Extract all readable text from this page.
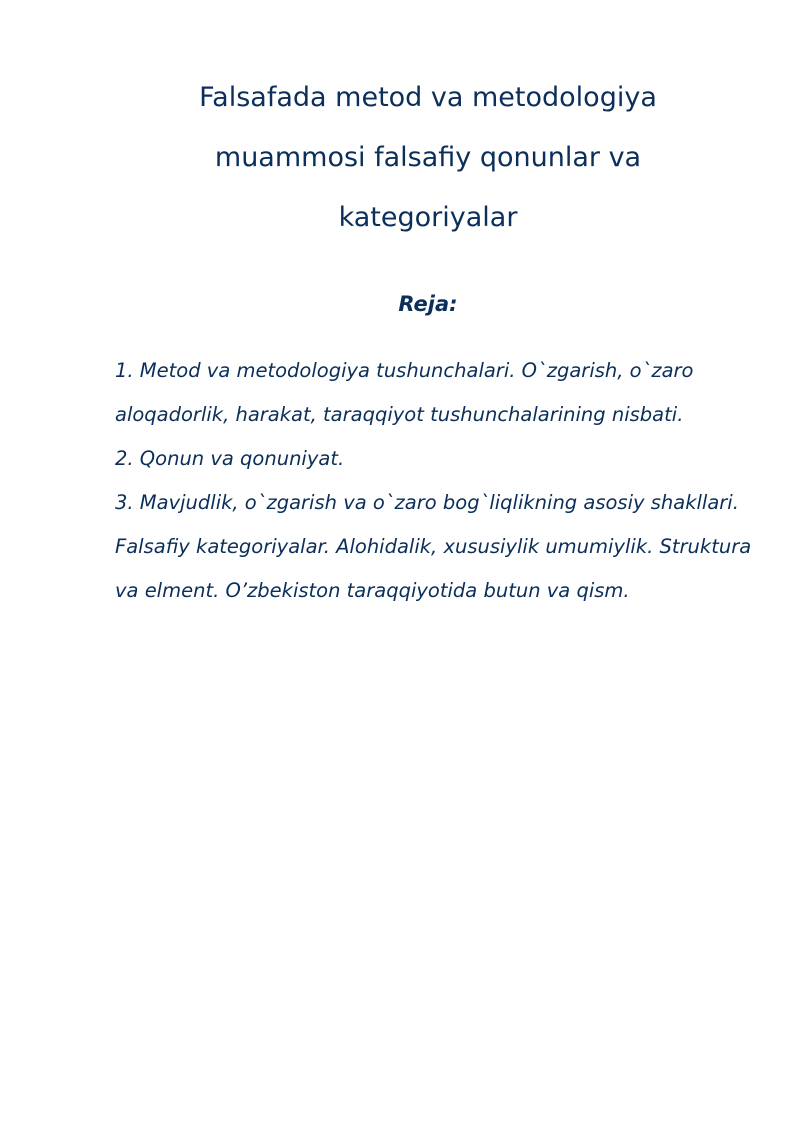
Falsafada metod va metodologiya
muammosi falsafiy qonunlar va
kategoriyalar
Reja:
1. Metod va metodologiya tushunchalari. O`zgarish, o`zaro
aloqadorlik, harakat, taraqqiyot tushunchalarining nisbati.
2. Qonun va qonuniyat.
3. Mavjudlik, o`zgarish va o`zaro bog`liqlikning asosiy shakllari.
Falsafiy kategoriyalar. Alohidalik, xususiylik umumiylik. Struktura
va elment. O’zbekiston taraqqiyotida butun va qism.
